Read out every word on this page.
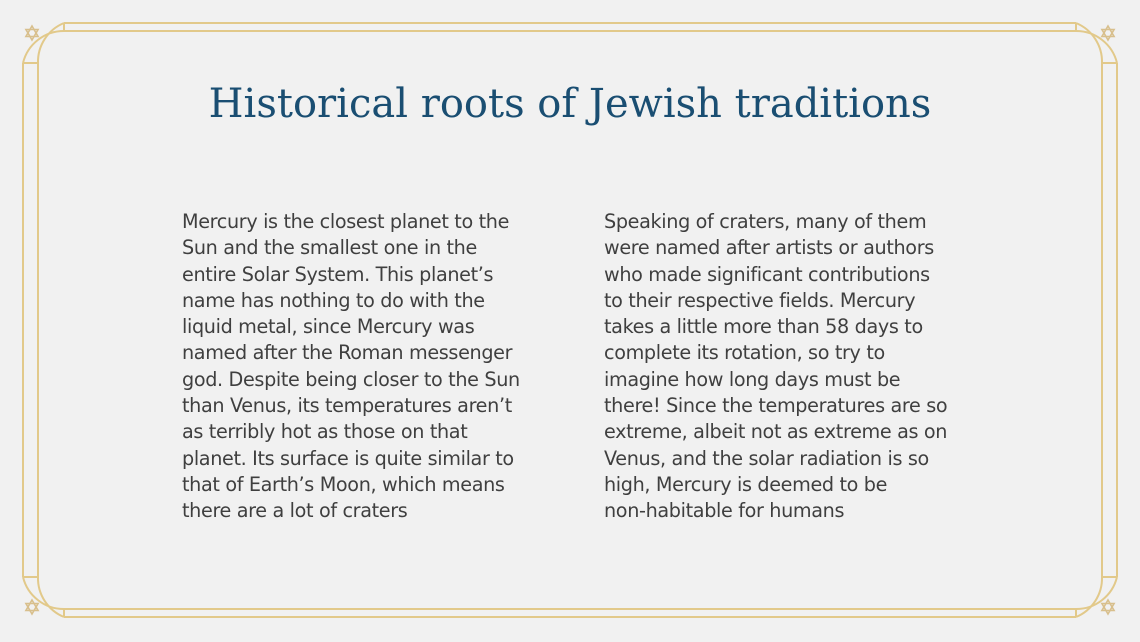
Historical roots of Jewish traditions
Mercury is the closest planet to the
Sun and the smallest one in the
entire Solar System. This planet’s
name has nothing to do with the
liquid metal, since Mercury was
named after the Roman messenger
god. Despite being closer to the Sun
than Venus, its temperatures aren’t
as terribly hot as those on that
planet. Its surface is quite similar to
that of Earth’s Moon, which means
there are a lot of craters
Speaking of craters, many of them
were named after artists or authors
who made significant contributions
to their respective fields. Mercury
takes a little more than 58 days to
complete its rotation, so try to
imagine how long days must be
there! Since the temperatures are so
extreme, albeit not as extreme as on
Venus, and the solar radiation is so
high, Mercury is deemed to be
non-habitable for humans
